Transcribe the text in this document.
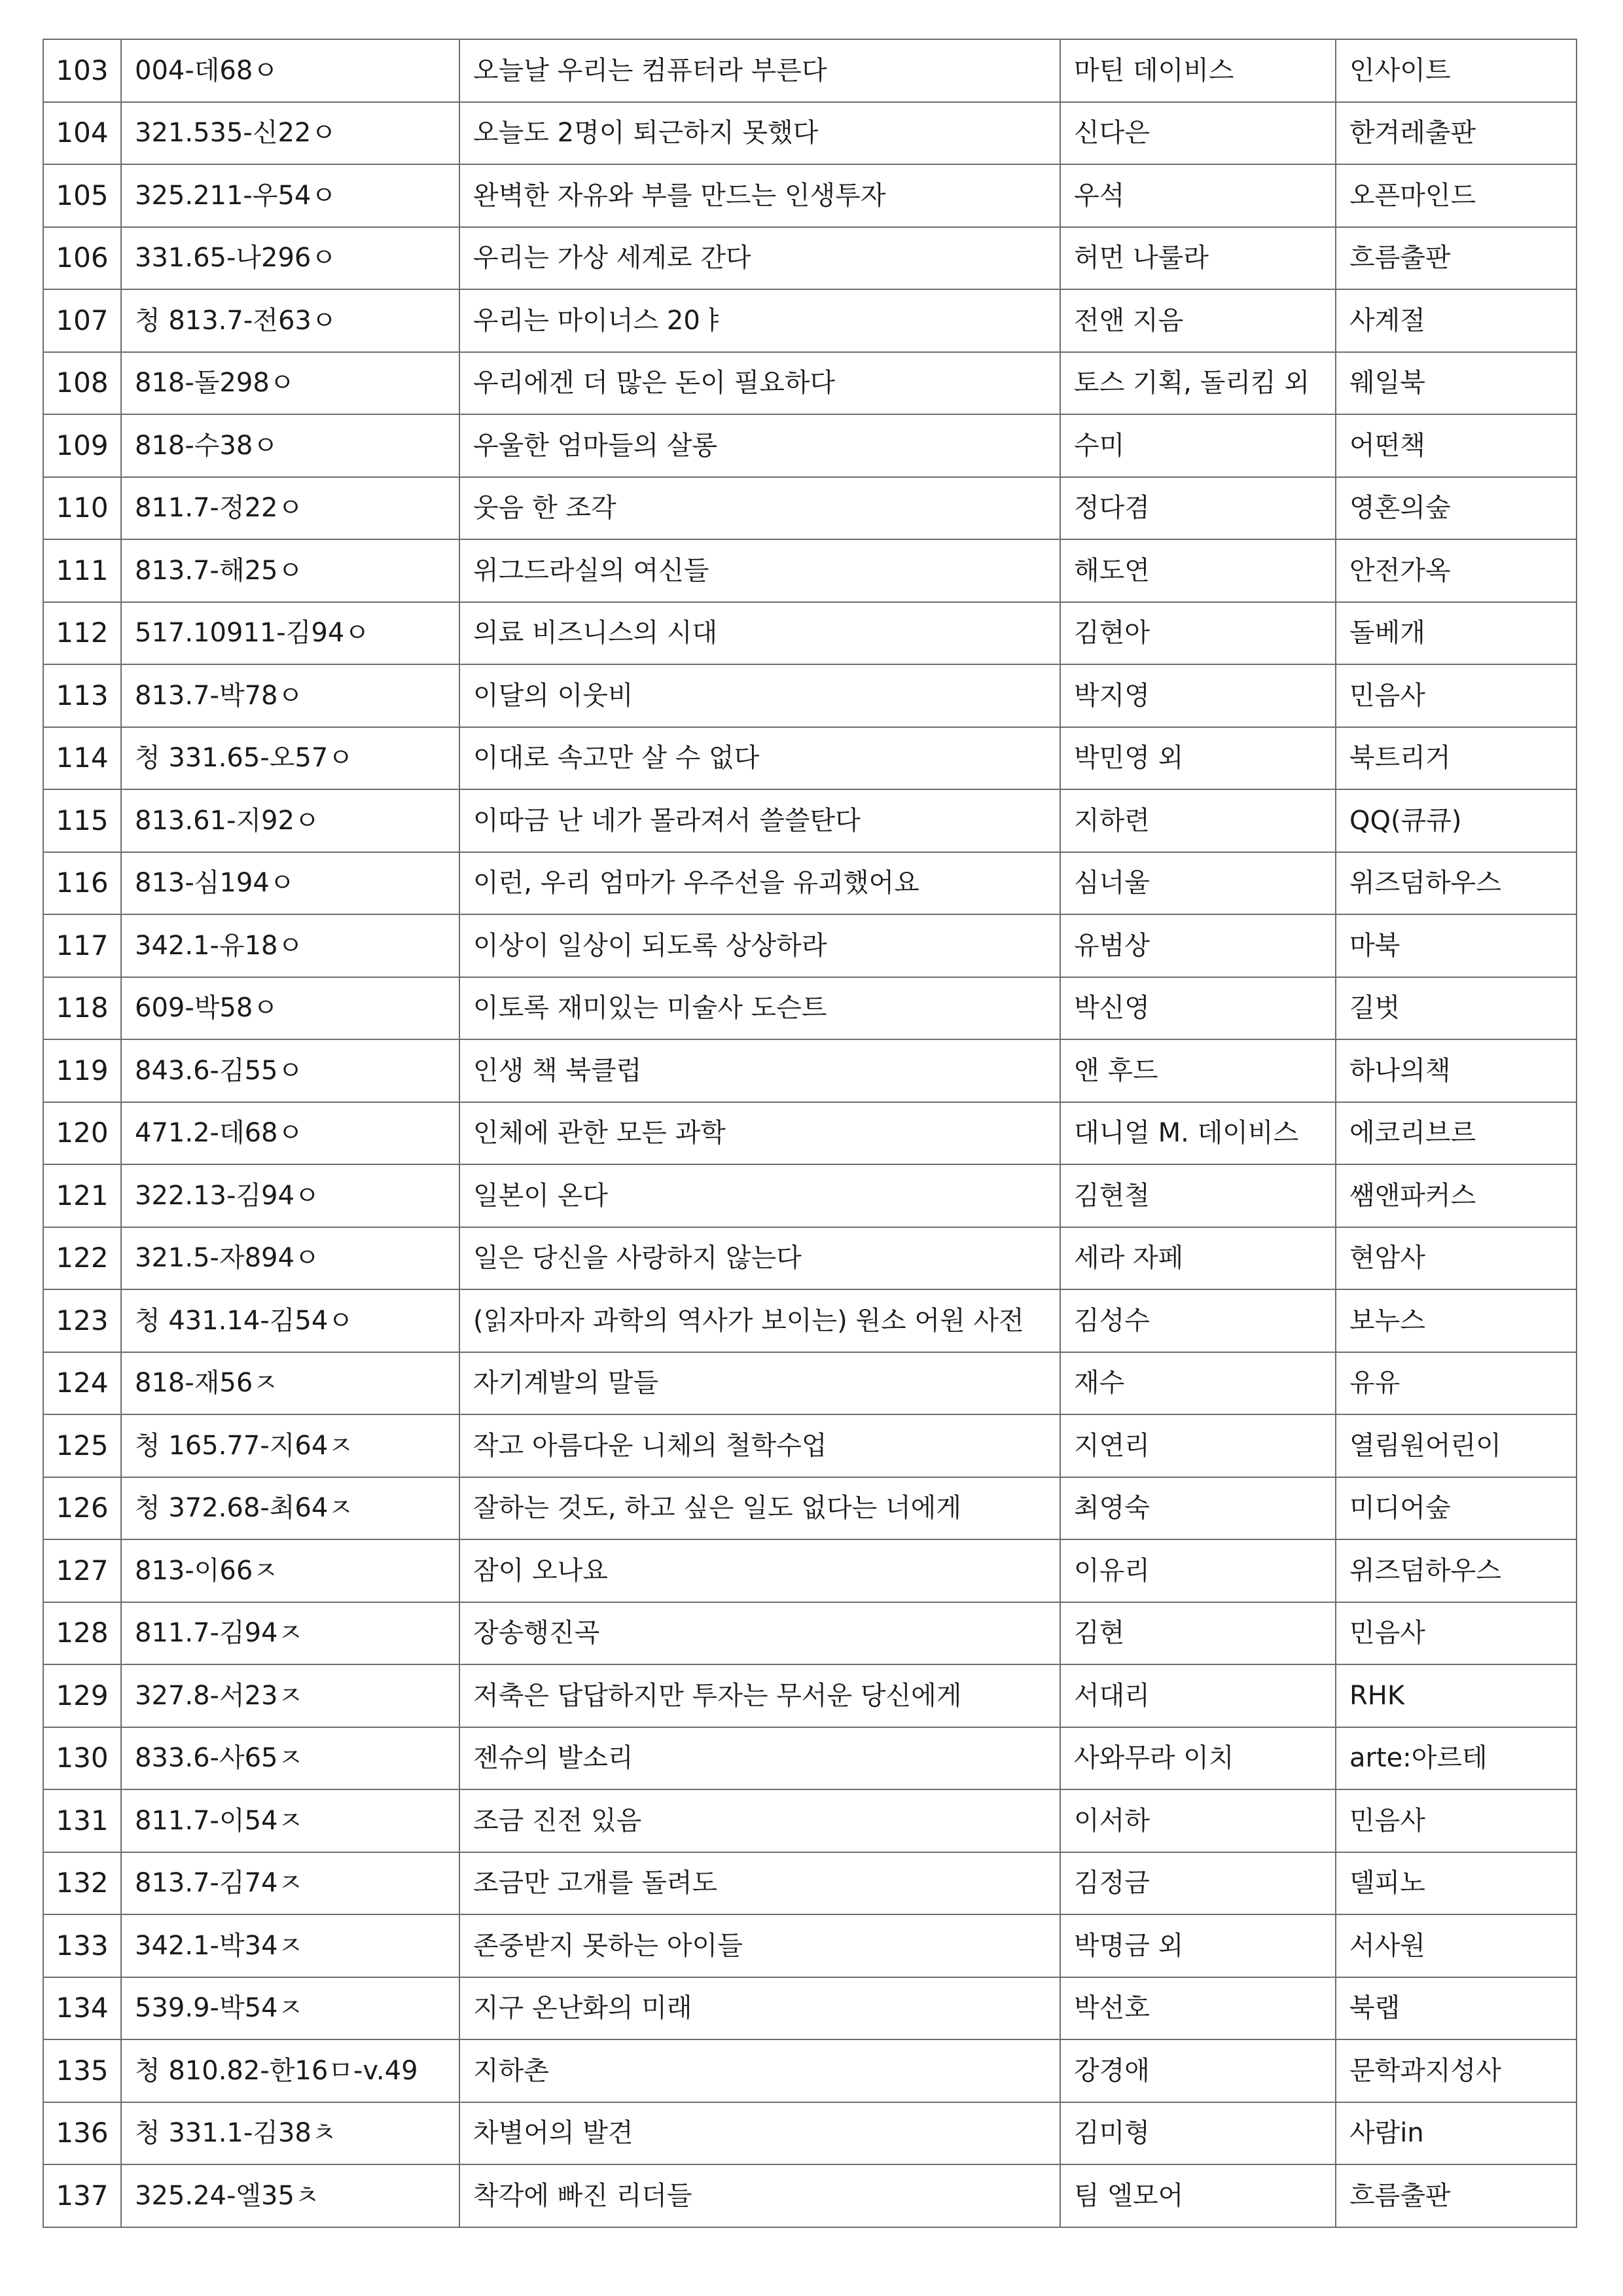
103	004-데68ㅇ	오늘날 우리는 컴퓨터라 부른다	마틴 데이비스	인사이트
104	321.535-신22ㅇ	오늘도 2명이 퇴근하지 못했다	신다은	한겨레출판
105	325.211-우54ㅇ	완벽한 자유와 부를 만드는 인생투자	우석	오픈마인드
106	331.65-나296ㅇ	우리는 가상 세계로 간다	허먼 나룰라	흐름출판
107	청 813.7-전63ㅇ	우리는 마이너스 20ㅑ	전앤 지음	사계절
108	818-돌298ㅇ	우리에겐 더 많은 돈이 필요하다	토스 기획, 돌리킴 외	웨일북
109	818-수38ㅇ	우울한 엄마들의 살롱	수미	어떤책
110	811.7-정22ㅇ	웃음 한 조각	정다겸	영혼의숲
111	813.7-해25ㅇ	위그드라실의 여신들	해도연	안전가옥
112	517.10911-김94ㅇ	의료 비즈니스의 시대	김현아	돌베개
113	813.7-박78ㅇ	이달의 이웃비	박지영	민음사
114	청 331.65-오57ㅇ	이대로 속고만 살 수 없다	박민영 외	북트리거
115	813.61-지92ㅇ	이따금 난 네가 몰라져서 쓸쓸탄다	지하련	QQ(큐큐)
116	813-심194ㅇ	이런, 우리 엄마가 우주선을 유괴했어요	심너울	위즈덤하우스
117	342.1-유18ㅇ	이상이 일상이 되도록 상상하라	유범상	마북
118	609-박58ㅇ	이토록 재미있는 미술사 도슨트	박신영	길벗
119	843.6-김55ㅇ	인생 책 북클럽	앤 후드	하나의책
120	471.2-데68ㅇ	인체에 관한 모든 과학	대니얼 M. 데이비스	에코리브르
121	322.13-김94ㅇ	일본이 온다	김현철	쌤앤파커스
122	321.5-자894ㅇ	일은 당신을 사랑하지 않는다	세라 자페	현암사
123	청 431.14-김54ㅇ	(읽자마자 과학의 역사가 보이는) 원소 어원 사전	김성수	보누스
124	818-재56ㅈ	자기계발의 말들	재수	유유
125	청 165.77-지64ㅈ	작고 아름다운 니체의 철학수업	지연리	열림원어린이
126	청 372.68-최64ㅈ	잘하는 것도, 하고 싶은 일도 없다는 너에게	최영숙	미디어숲
127	813-이66ㅈ	잠이 오나요	이유리	위즈덤하우스
128	811.7-김94ㅈ	장송행진곡	김현	민음사
129	327.8-서23ㅈ	저축은 답답하지만 투자는 무서운 당신에게	서대리	RHK
130	833.6-사65ㅈ	젠슈의 발소리	사와무라 이치	arte:아르테
131	811.7-이54ㅈ	조금 진전 있음	이서하	민음사
132	813.7-김74ㅈ	조금만 고개를 돌려도	김정금	델피노
133	342.1-박34ㅈ	존중받지 못하는 아이들	박명금 외	서사원
134	539.9-박54ㅈ	지구 온난화의 미래	박선호	북랩
135	청 810.82-한16ㅁ-v.49	지하촌	강경애	문학과지성사
136	청 331.1-김38ㅊ	차별어의 발견	김미형	사람in
137	325.24-엘35ㅊ	착각에 빠진 리더들	팀 엘모어	흐름출판
